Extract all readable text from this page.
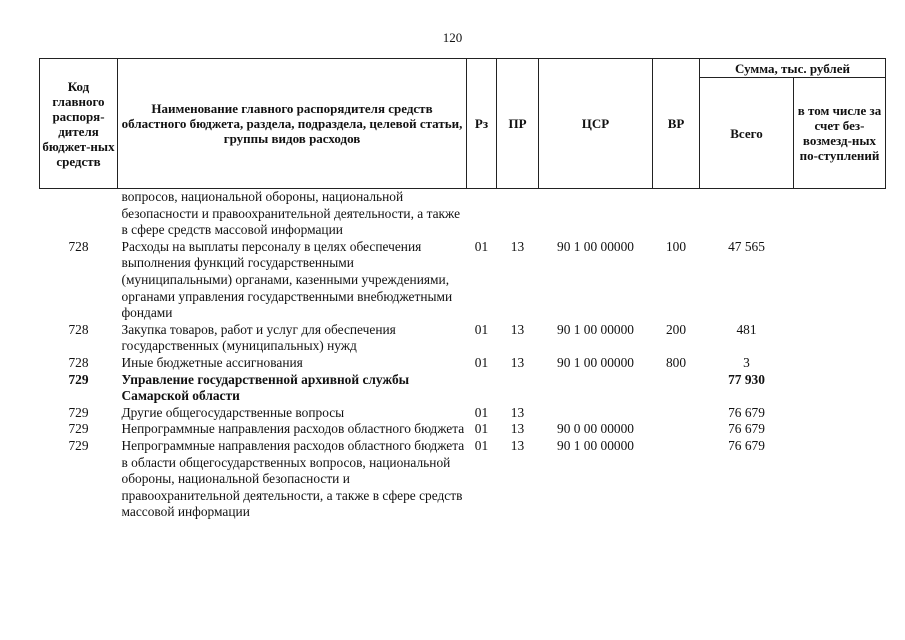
120
Код главного распоря-дителя бюджет-ных средств	Наименование главного распорядителя средств областного бюджета, раздела, подраздела, целевой статьи, группы видов расходов	Рз	ПР	ЦСР	ВР	Сумма, тыс. рублей	
						Всего	в том числе за счет без-возмезд-ных по-ступлений
	вопросов, национальной обороны, национальной безопасности и правоохранительной деятельности, а также в сфере средств массовой информации						
728	Расходы на выплаты персоналу в целях обеспечения выполнения функций государственными (муниципальными) органами, казенными учреждениями, органами управления государственными внебюджетными фондами	01	13	90 1 00 00000	100	47 565	
728	Закупка товаров, работ и услуг для обеспечения государственных (муниципальных) нужд	01	13	90 1 00 00000	200	481	
728	Иные бюджетные ассигнования	01	13	90 1 00 00000	800	3	
729	Управление государственной архивной службы Самарской области					77 930	
729	Другие общегосударственные вопросы	01	13			76 679	
729	Непрограммные направления расходов областного бюджета	01	13	90 0 00 00000		76 679	
729	Непрограммные направления расходов областного бюджета в области общегосударственных вопросов, национальной обороны, национальной безопасности и правоохранительной деятельности, а также в сфере средств массовой информации	01	13	90 1 00 00000		76 679	
